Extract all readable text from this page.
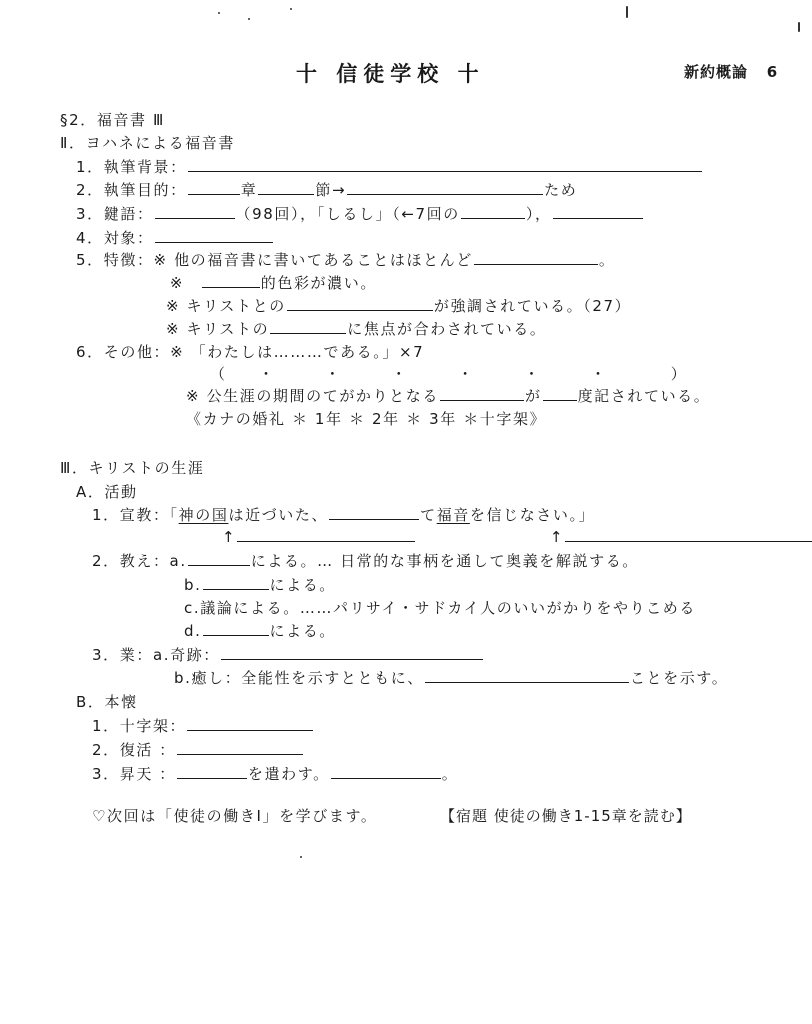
十 信徒学校 十	新約概論 6
§2．福音書 Ⅲ
Ⅱ．ヨハネによる福音書
1．執筆背景：
2．執筆目的：	章	節→	ため
3．鍵語：	（98回），「しるし」（←7回の	），
4．対象：
5．特徴：※ 他の福音書に書いてあることはほとんど	。
※	的色彩が濃い。
※ キリストとの	が強調されている。（27）
※ キリストの	に焦点が合わされている。
6．その他：※ 「わたしは………である。」×7
（ ・　　　・　　　・　　　・　　　・　　　・	）
※ 公生涯の期間のてがかりとなる	が 度記されている。
《カナの婚礼 ＊ 1年 ＊ 2年 ＊ 3年 ＊十字架》
Ⅲ．キリストの生涯
A．活動
1．宣教：「神の国は近づいた、	て福音を信じなさい。」
↑	↑
2．教え：a.	による。… 日常的な事柄を通して奥義を解説する。
b.	による。
c.議論による。……パリサイ・サドカイ人のいいがかりをやりこめる
d.	による。
3．業：a.奇跡：
b.癒し：全能性を示すとともに、	ことを示す。
B．本懐
1．十字架：
2．復活 ：
3．昇天 ：	を遣わす。	。
♡次回は「使徒の働きⅠ」を学びます。	【宿題 使徒の働き1-15章を読む】
